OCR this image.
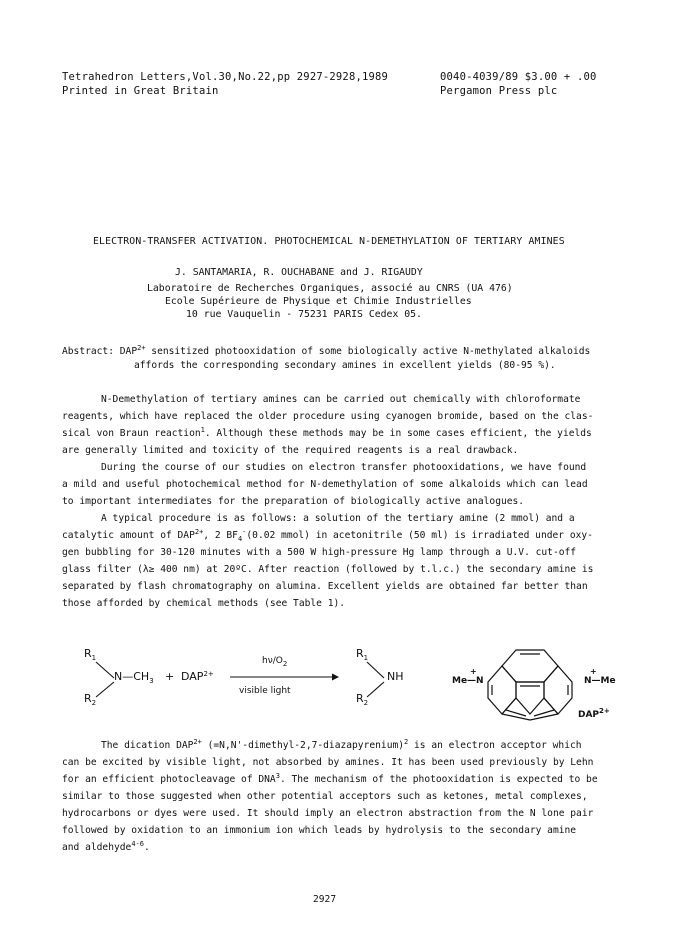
Tetrahedron Letters,Vol.30,No.22,pp 2927-2928,1989
Printed in Great Britain
0040-4039/89 $3.00 + .00
Pergamon Press plc
ELECTRON-TRANSFER ACTIVATION. PHOTOCHEMICAL N-DEMETHYLATION OF TERTIARY AMINES
J. SANTAMARIA, R. OUCHABANE and J. RIGAUDY
Laboratoire de Recherches Organiques, associé au CNRS (UA 476)
Ecole Supérieure de Physique et Chimie Industrielles
10 rue Vauquelin - 75231 PARIS Cedex 05.
Abstract: $DAP^{2+}$ sensitized photooxidation of some biologically active N-methylated alkaloids
affords the corresponding secondary amines in excellent yields (80-95 %).
N-Demethylation of tertiary amines can be carried out chemically with chloroformate
reagents, which have replaced the older procedure using cyanogen bromide, based on the clas-
sical von Braun reaction$^1$. Although these methods may be in some cases efficient, the yields
are generally limited and toxicity of the required reagents is a real drawback.
During the course of our studies on electron transfer photooxidations, we have found
a mild and useful photochemical method for N-demethylation of some alkaloids which can lead
to important intermediates for the preparation of biologically active analogues.
A typical procedure is as follows: a solution of the tertiary amine (2 mmol) and a
catalytic amount of $DAP^{2+}$, 2 $BF_4^-(0.02$ mmol) in acetonitrile (50 ml) is irradiated under oxy-
gen bubbling for 30-120 minutes with a 500 W high-pressure Hg lamp through a U.V. cut-off
glass filter (λ≥ 400 nm) at 20ºC. After reaction (followed by t.l.c.) the secondary amine is
separated by flash chromatography on alumina. Excellent yields are obtained far better than
those afforded by chemical methods (see Table 1).
$R_1$
$R_2$
$N—CH_3 + DAP^{2+}$
$h\nu/O_2$
visible light
$R_1$
$R_2$
NH	+
Me—N
+
N—Me
$DAP^{2+}$
The dication $DAP^{2+}$ (=N,N'-dimethyl-2,7-diazapyrenium)$^2$ is an electron acceptor which
can be excited by visible light, not absorbed by amines. It has been used previously by Lehn
for an efficient photocleavage of DNA$^3$. The mechanism of the photooxidation is expected to be
similar to those suggested when other potential acceptors such as ketones, metal complexes,
hydrocarbons or dyes were used. It should imply an electron abstraction from the N lone pair
followed by oxidation to an immonium ion which leads by hydrolysis to the secondary amine
and aldehyde$^{4-6}$.
2927
